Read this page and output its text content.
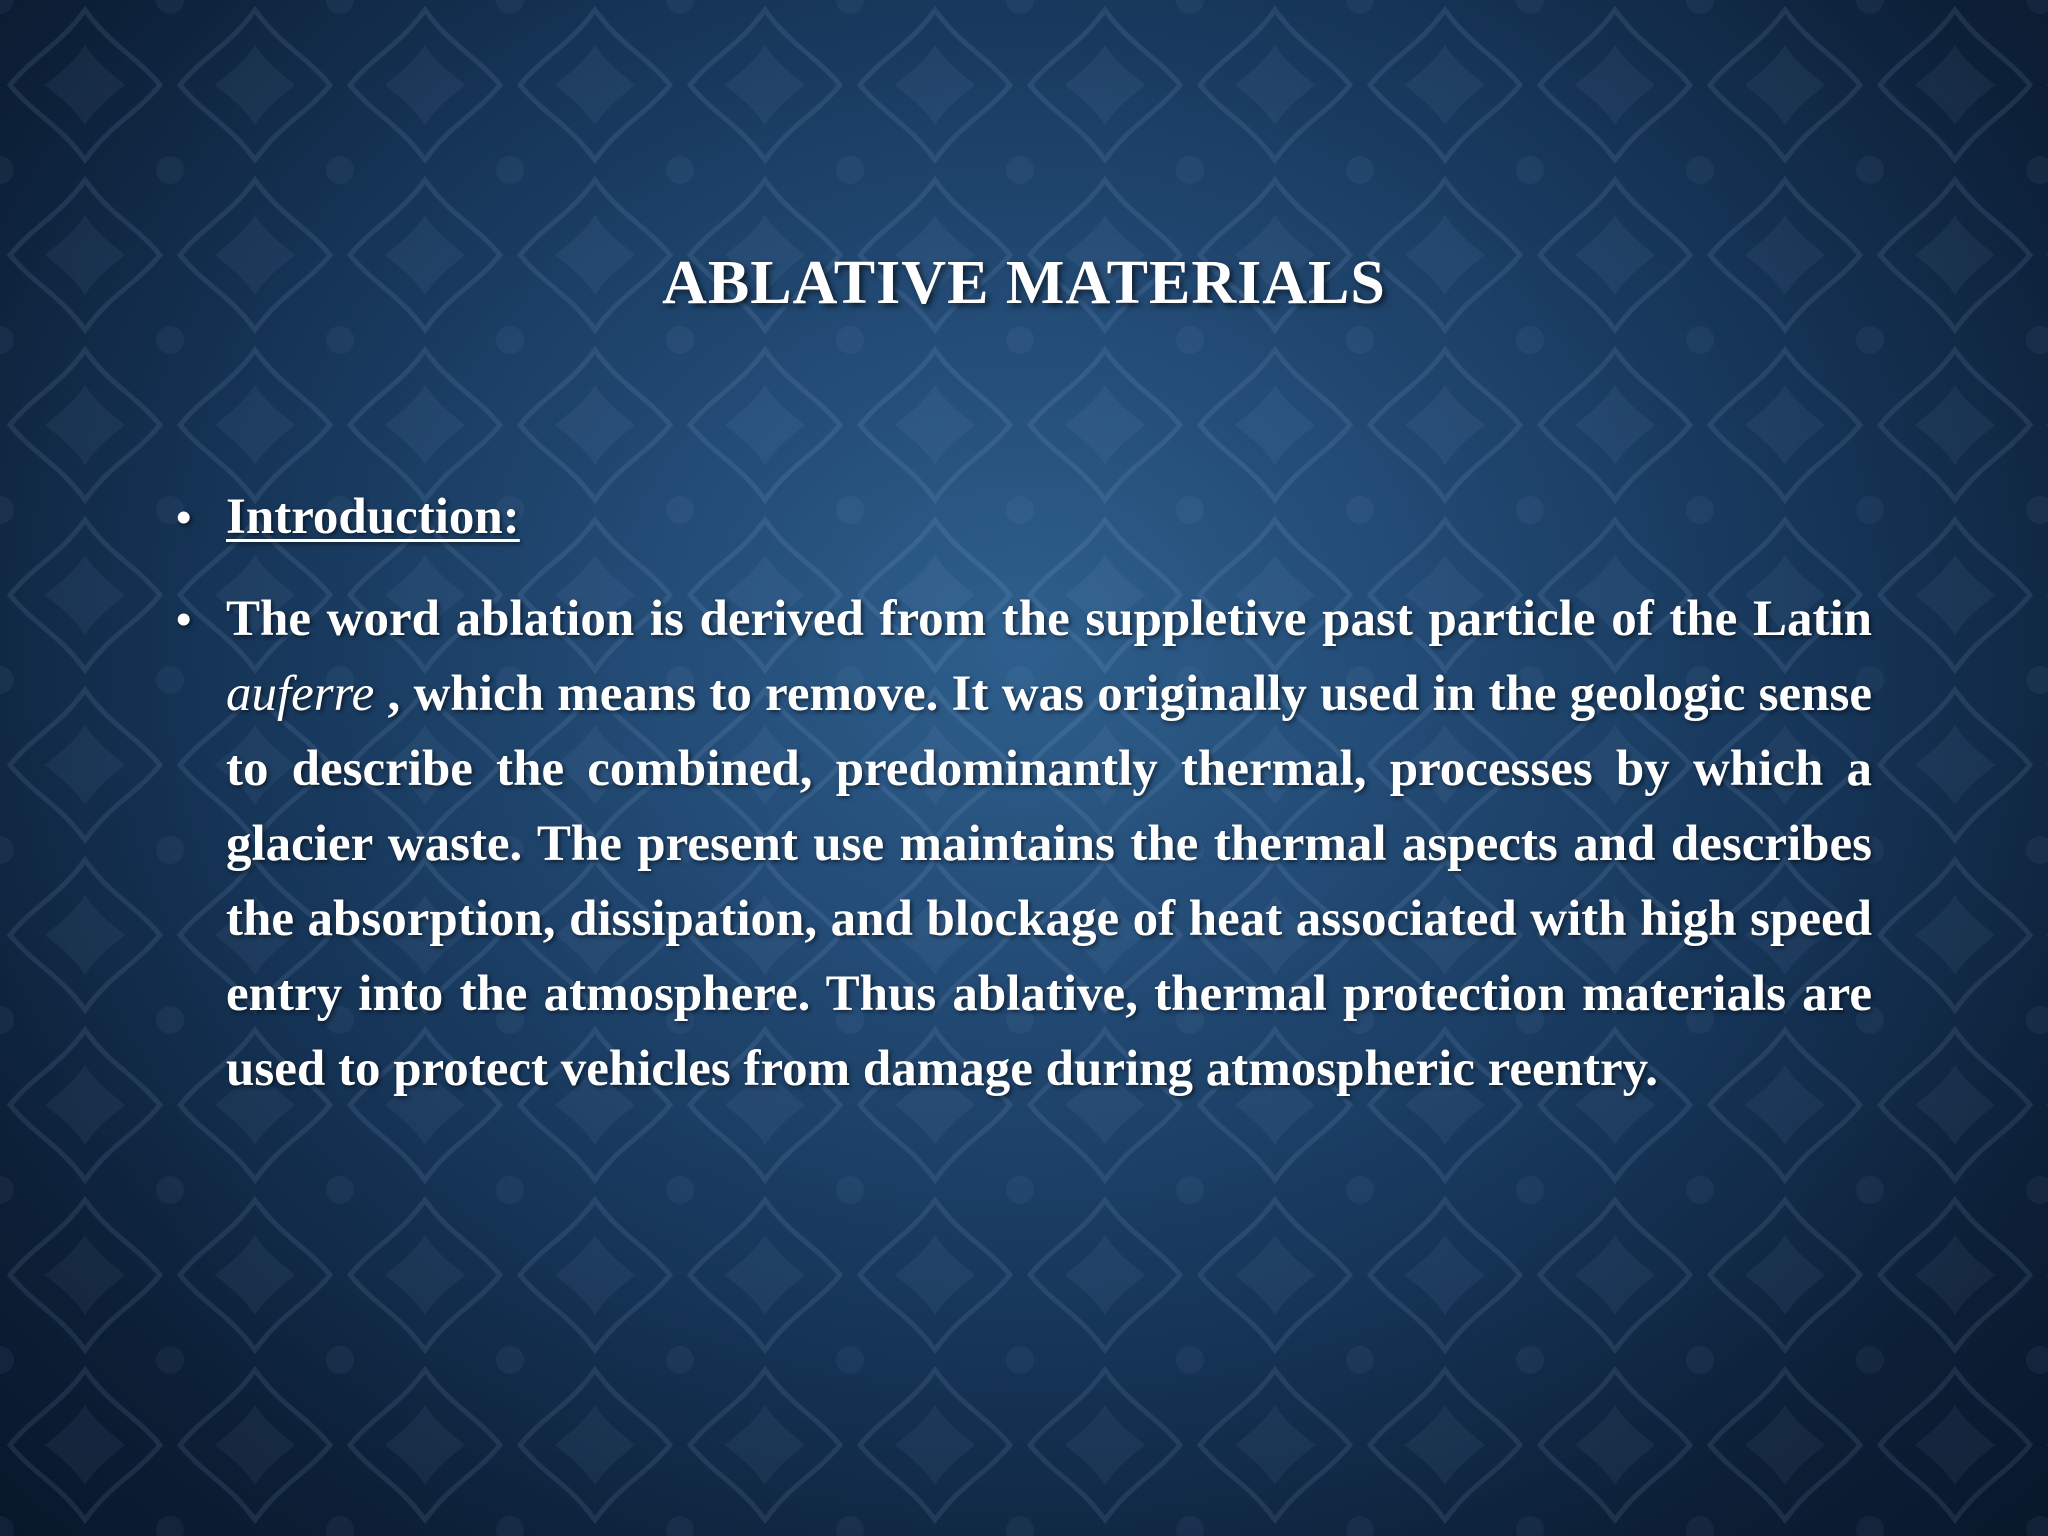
ABLATIVE MATERIALS
• Introduction:
• The word ablation is derived from the suppletive past particle of the Latin auferre , which means to remove. It was originally used in the geologic sense to describe the combined, predominantly thermal, processes by which a glacier waste. The present use maintains the thermal aspects and describes the absorption, dissipation, and blockage of heat associated with high speed entry into the atmosphere. Thus ablative, thermal protection materials are used to protect vehicles from damage during atmospheric reentry.
